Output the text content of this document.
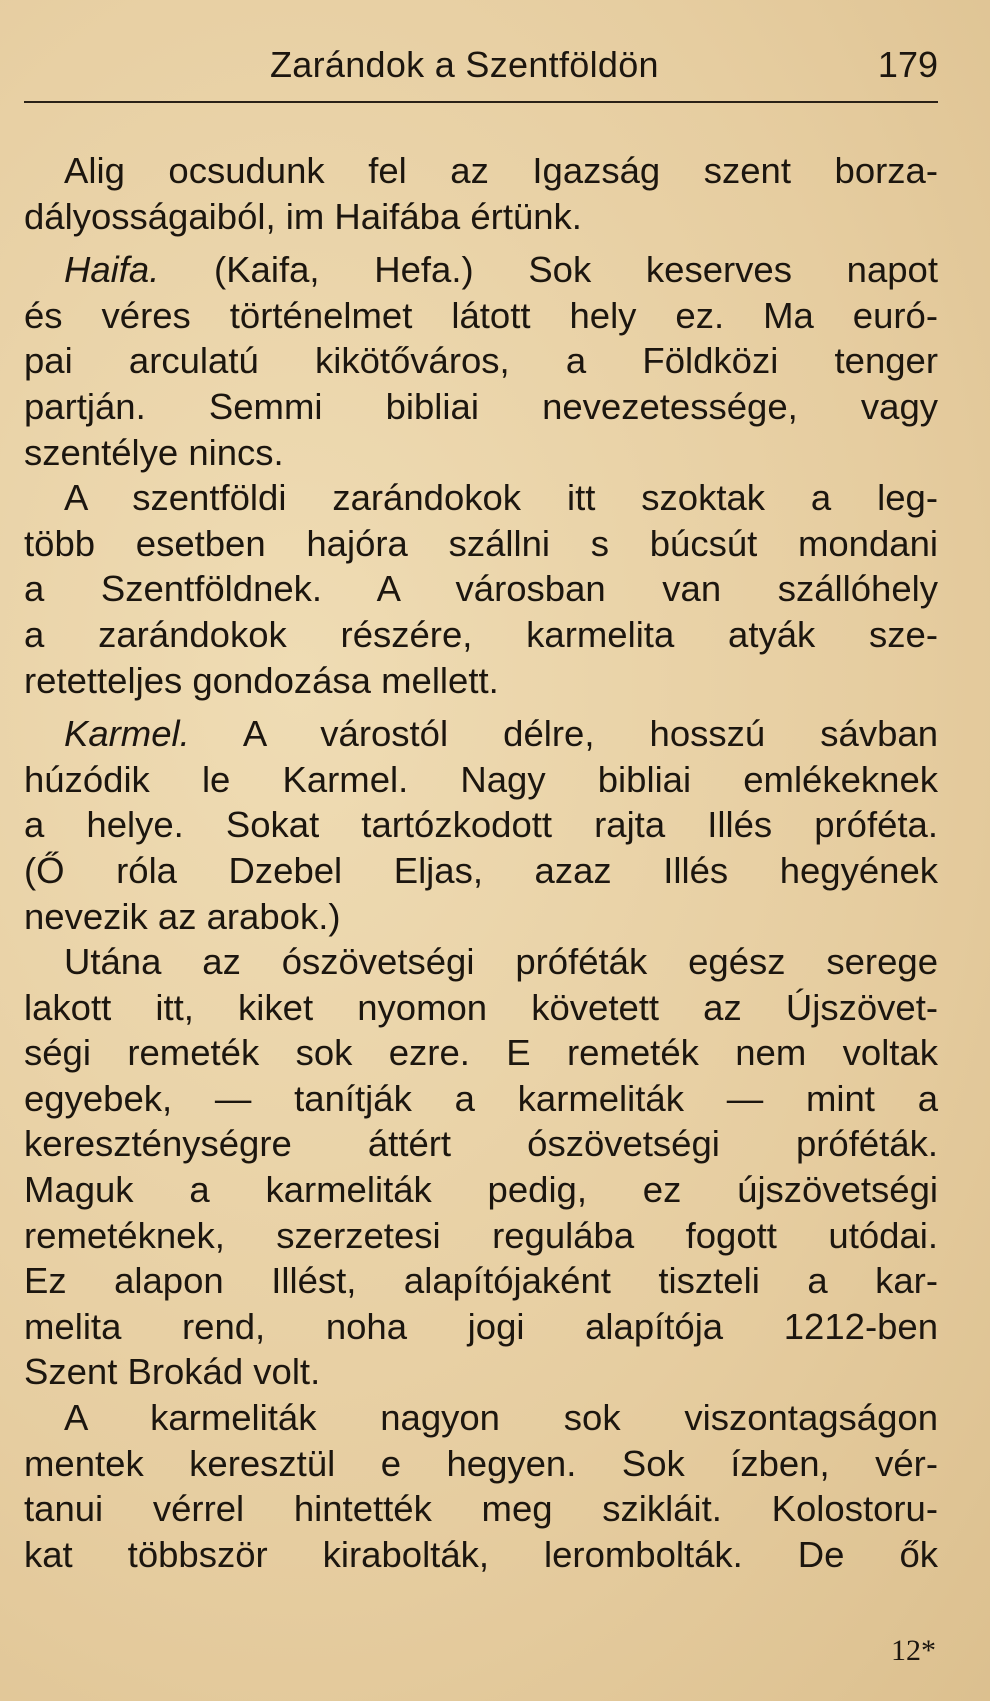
Zarándok a Szentföldön	179
Alig ocsudunk fel az Igazság szent borza-
dályosságaiból, im Haifába értünk.
Haifa. (Kaifa, Hefa.) Sok keserves napot
és véres történelmet látott hely ez. Ma euró-
pai arculatú kikötőváros, a Földközi tenger
partján. Semmi bibliai nevezetessége, vagy
szentélye nincs.
A szentföldi zarándokok itt szoktak a leg-
több esetben hajóra szállni s búcsút mondani
a Szentföldnek. A városban van szállóhely
a zarándokok részére, karmelita atyák sze-
retetteljes gondozása mellett.
Karmel. A várostól délre, hosszú sávban
húzódik le Karmel. Nagy bibliai emlékeknek
a helye. Sokat tartózkodott rajta Illés próféta.
(Ő róla Dzebel Eljas, azaz Illés hegyének
nevezik az arabok.)
Utána az ószövetségi próféták egész serege
lakott itt, kiket nyomon követett az Újszövet-
ségi remeték sok ezre. E remeték nem voltak
egyebek, — tanítják a karmeliták — mint a
kereszténységre áttért ószövetségi próféták.
Maguk a karmeliták pedig, ez újszövetségi
remetéknek, szerzetesi regulába fogott utódai.
Ez alapon Illést, alapítójaként tiszteli a kar-
melita rend, noha jogi alapítója 1212-ben
Szent Brokád volt.
A karmeliták nagyon sok viszontagságon
mentek keresztül e hegyen. Sok ízben, vér-
tanui vérrel hintették meg szikláit. Kolostoru-
kat többször kirabolták, lerombolták. De ők
12*
